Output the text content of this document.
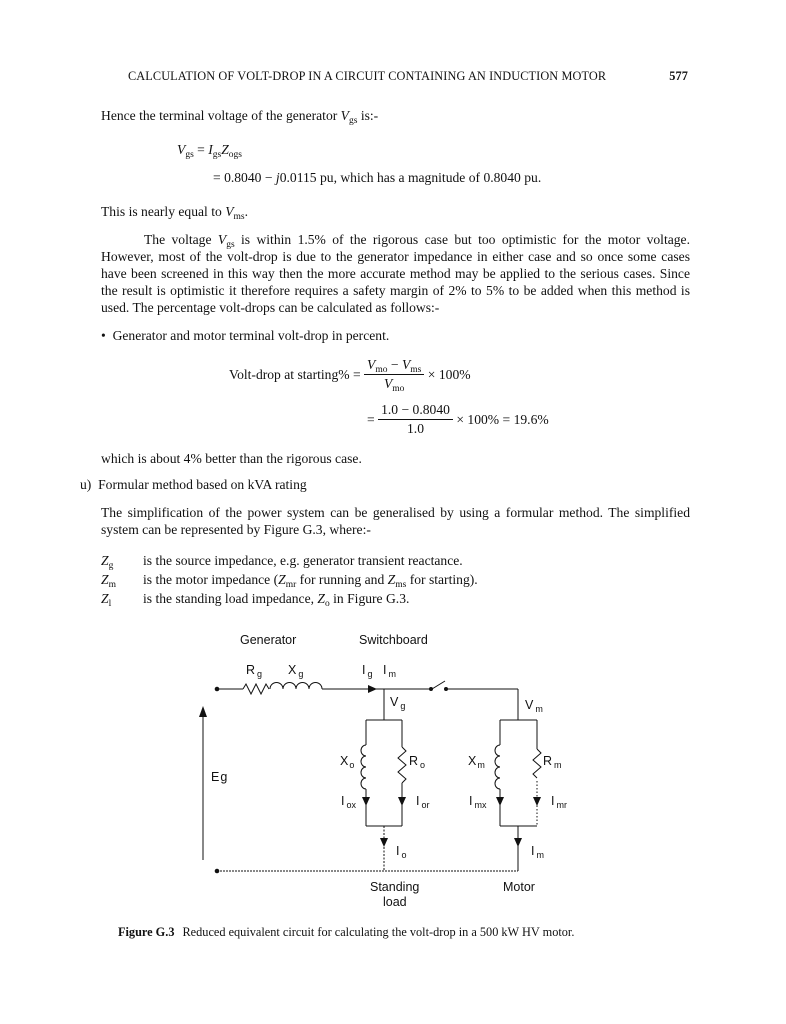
CALCULATION OF VOLT-DROP IN A CIRCUIT CONTAINING AN INDUCTION MOTOR	577
Hence the terminal voltage of the generator $V_{gs}$ is:-
$V_{gs} = I_{gs}Z_{ogs}$
= 0.8040 − j0.0115 pu, which has a magnitude of 0.8040 pu.
This is nearly equal to $V_{ms}$.
The voltage $V_{gs}$ is within 1.5% of the rigorous case but too optimistic for the motor voltage. However, most of the volt-drop is due to the generator impedance in either case and so once some cases have been screened in this way then the more accurate method may be applied to the serious cases. Since the result is optimistic it therefore requires a safety margin of 2% to 5% to be added when this method is used. The percentage volt-drops can be calculated as follows:-
• Generator and motor terminal volt-drop in percent.
Volt-drop at starting% = $\frac{V_{mo} - V_{ms}}{V_{mo}} \times 100\%$
= $\frac{1.0 - 0.8040}{1.0} \times 100\% = 19.6\%$
which is about 4% better than the rigorous case.
u) Formular method based on kVA rating
The simplification of the power system can be generalised by using a formular method. The simplified system can be represented by Figure G.3, where:-
$Z_g$ is the source impedance, e.g. generator transient reactance.
$Z_m$ is the motor impedance ($Z_{mr}$ for running and $Z_{ms}$ for starting).
$Z_l$ is the standing load impedance, $Z_o$ in Figure G.3.
Generator	Switchboard
R $_g$ X $_g$	I $_g$ I $_m$
V $_g$	V $_m$
Eg
$X_o$	R $_o$	$X_m$	R $_m$
I $_{ox}$	I $_{or}$	I $_{mx}$	I $_{mr}$
I $_o$	I $_m$
Standing
load
Motor
Figure G.3 Reduced equivalent circuit for calculating the volt-drop in a 500 kW HV motor.
